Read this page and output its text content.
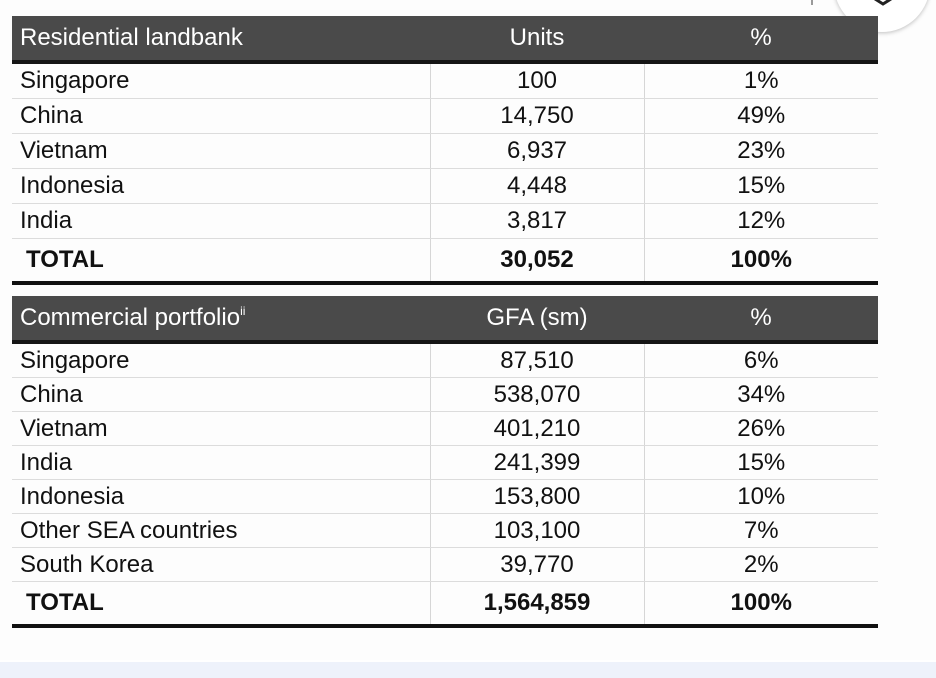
Residential landbank	Units	%
Singapore	100	1%
China	14,750	49%
Vietnam	6,937	23%
Indonesia	4,448	15%
India	3,817	12%
TOTAL	30,052	100%
Commercial portfolio$^{ii}$	GFA (sm)	%
Singapore	87,510	6%
China	538,070	34%
Vietnam	401,210	26%
India	241,399	15%
Indonesia	153,800	10%
Other SEA countries	103,100	7%
South Korea	39,770	2%
TOTAL	1,564,859	100%
